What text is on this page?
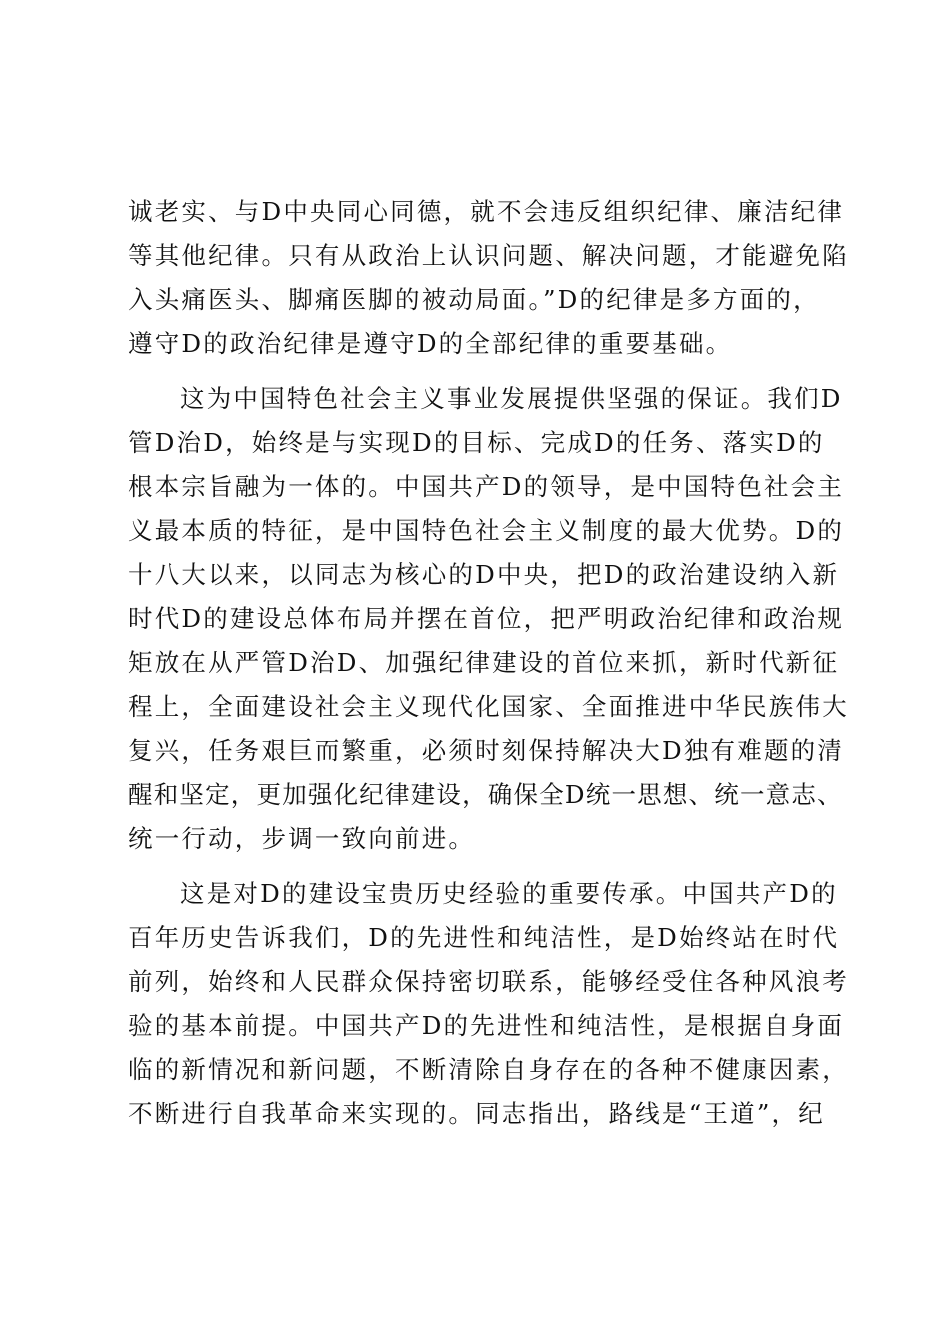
诚老实、与D中央同心同德，就不会违反组织纪律、廉洁纪律
等其他纪律。只有从政治上认识问题、解决问题，才能避免陷
入头痛医头、脚痛医脚的被动局面。”D的纪律是多方面的，
遵守D的政治纪律是遵守D的全部纪律的重要基础。
这为中国特色社会主义事业发展提供坚强的保证。我们D
管D治D，始终是与实现D的目标、完成D的任务、落实D的
根本宗旨融为一体的。中国共产D的领导，是中国特色社会主
义最本质的特征，是中国特色社会主义制度的最大优势。D的
十八大以来，以同志为核心的D中央，把D的政治建设纳入新
时代D的建设总体布局并摆在首位，把严明政治纪律和政治规
矩放在从严管D治D、加强纪律建设的首位来抓，新时代新征
程上，全面建设社会主义现代化国家、全面推进中华民族伟大
复兴，任务艰巨而繁重，必须时刻保持解决大D独有难题的清
醒和坚定，更加强化纪律建设，确保全D统一思想、统一意志、
统一行动，步调一致向前进。
这是对D的建设宝贵历史经验的重要传承。中国共产D的
百年历史告诉我们，D的先进性和纯洁性，是D始终站在时代
前列，始终和人民群众保持密切联系，能够经受住各种风浪考
验的基本前提。中国共产D的先进性和纯洁性，是根据自身面
临的新情况和新问题，不断清除自身存在的各种不健康因素，
不断进行自我革命来实现的。同志指出，路线是“王道”，纪
